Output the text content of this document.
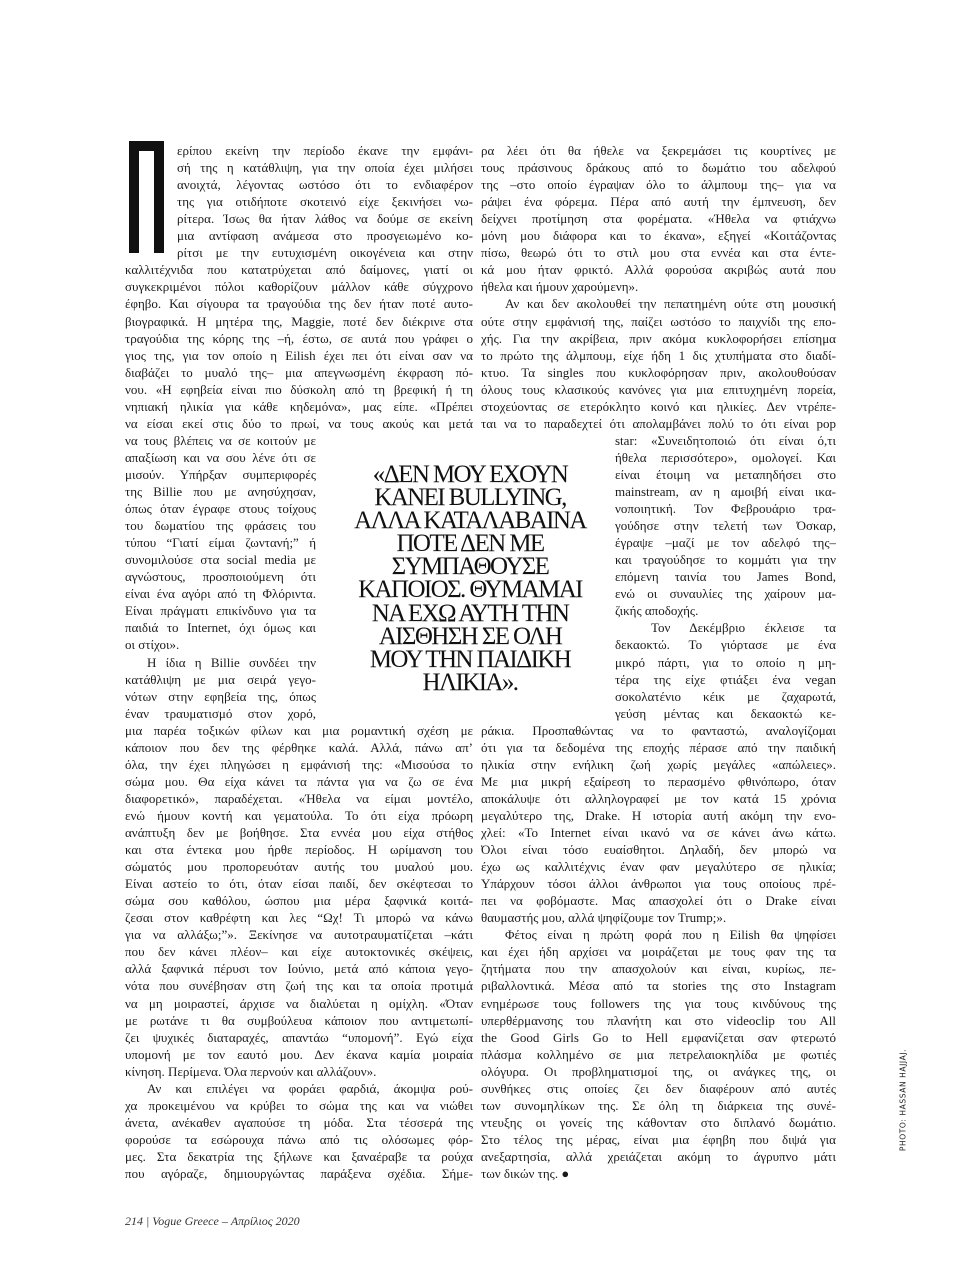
ερίπου εκείνη την περίοδο έκανε την εμφάνι-
σή της η κατάθλιψη, για την οποία έχει μιλήσει
ανοιχτά, λέγοντας ωστόσο ότι το ενδιαφέρον
της για οτιδήποτε σκοτεινό είχε ξεκινήσει νω-
ρίτερα. Ίσως θα ήταν λάθος να δούμε σε εκείνη
μια αντίφαση ανάμεσα στο προσγειωμένο κο-
ρίτσι με την ευτυχισμένη οικογένεια και στην
καλλιτέχνιδα που κατατρύχεται από δαίμονες, γιατί οι
συγκεκριμένοι πόλοι καθορίζουν μάλλον κάθε σύγχρονο
έφηβο. Και σίγουρα τα τραγούδια της δεν ήταν ποτέ αυτο-
βιογραφικά. Η μητέρα της, Maggie, ποτέ δεν διέκρινε στα
τραγούδια της κόρης της –ή, έστω, σε αυτά που γράφει ο
γιος της, για τον οποίο η Eilish έχει πει ότι είναι σαν να
διαβάζει το μυαλό της– μια απεγνωσμένη έκφραση πό-
νου. «Η εφηβεία είναι πιο δύσκολη από τη βρεφική ή τη
νηπιακή ηλικία για κάθε κηδεμόνα», μας είπε. «Πρέπει
να είσαι εκεί στις δύο το πρωί, να τους ακούς και μετά
να τους βλέπεις να σε κοιτούν με
απαξίωση και να σου λένε ότι σε
μισούν. Υπήρξαν συμπεριφορές
της Billie που με ανησύχησαν,
όπως όταν έγραφε στους τοίχους
του δωματίου της φράσεις του
τύπου “Γιατί είμαι ζωντανή;” ή
συνομιλούσε στα social media με
αγνώστους, προσποιούμενη ότι
είναι ένα αγόρι από τη Φλόριντα.
Είναι πράγματι επικίνδυνο για τα
παιδιά το Internet, όχι όμως και
οι στίχοι».
Η ίδια η Billie συνδέει την
κατάθλιψη με μια σειρά γεγο-
νότων στην εφηβεία της, όπως
έναν τραυματισμό στον χορό,
μια παρέα τοξικών φίλων και μια ρομαντική σχέση με
κάποιον που δεν της φέρθηκε καλά. Αλλά, πάνω απ’
όλα, την έχει πληγώσει η εμφάνισή της: «Μισούσα το
σώμα μου. Θα είχα κάνει τα πάντα για να ζω σε ένα
διαφορετικό», παραδέχεται. «Ήθελα να είμαι μοντέλο,
ενώ ήμουν κοντή και γεματούλα. Το ότι είχα πρόωρη
ανάπτυξη δεν με βοήθησε. Στα εννέα μου είχα στήθος
και στα έντεκα μου ήρθε περίοδος. Η ωρίμανση του
σώματός μου προπορευόταν αυτής του μυαλού μου.
Είναι αστείο το ότι, όταν είσαι παιδί, δεν σκέφτεσαι το
σώμα σου καθόλου, ώσπου μια μέρα ξαφνικά κοιτά-
ζεσαι στον καθρέφτη και λες “Ωχ! Τι μπορώ να κάνω
για να αλλάξω;”». Ξεκίνησε να αυτοτραυματίζεται –κάτι
που δεν κάνει πλέον– και είχε αυτοκτονικές σκέψεις,
αλλά ξαφνικά πέρυσι τον Ιούνιο, μετά από κάποια γεγο-
νότα που συνέβησαν στη ζωή της και τα οποία προτιμά
να μη μοιραστεί, άρχισε να διαλύεται η ομίχλη. «Όταν
με ρωτάνε τι θα συμβούλευα κάποιον που αντιμετωπί-
ζει ψυχικές διαταραχές, απαντάω “υπομονή”. Εγώ είχα
υπομονή με τον εαυτό μου. Δεν έκανα καμία μοιραία
κίνηση. Περίμενα. Όλα περνούν και αλλάζουν».
Αν και επιλέγει να φοράει φαρδιά, άκομψα ρού-
χα προκειμένου να κρύβει το σώμα της και να νιώθει
άνετα, ανέκαθεν αγαπούσε τη μόδα. Στα τέσσερά της
φορούσε τα εσώρουχα πάνω από τις ολόσωμες φόρ-
μες. Στα δεκατρία της ξήλωνε και ξαναέραβε τα ρούχα
που αγόραζε, δημιουργώντας παράξενα σχέδια. Σήμε-
ρα λέει ότι θα ήθελε να ξεκρεμάσει τις κουρτίνες με
τους πράσινους δράκους από το δωμάτιο του αδελφού
της –στο οποίο έγραψαν όλο το άλμπουμ της– για να
ράψει ένα φόρεμα. Πέρα από αυτή την έμπνευση, δεν
δείχνει προτίμηση στα φορέματα. «Ήθελα να φτιάχνω
μόνη μου διάφορα και το έκανα», εξηγεί «Κοιτάζοντας
πίσω, θεωρώ ότι το στιλ μου στα εννέα και στα έντε-
κά μου ήταν φρικτό. Αλλά φορούσα ακριβώς αυτά που
ήθελα και ήμουν χαρούμενη».
Αν και δεν ακολουθεί την πεπατημένη ούτε στη μουσική
ούτε στην εμφάνισή της, παίζει ωστόσο το παιχνίδι της επο-
χής. Για την ακρίβεια, πριν ακόμα κυκλοφορήσει επίσημα
το πρώτο της άλμπουμ, είχε ήδη 1 δις χτυπήματα στο διαδί-
κτυο. Τα singles που κυκλοφόρησαν πριν, ακολουθούσαν
όλους τους κλασικούς κανόνες για μια επιτυχημένη πορεία,
στοχεύοντας σε ετερόκλητο κοινό και ηλικίες. Δεν ντρέπε-
ται να το παραδεχτεί ότι απολαμβάνει πολύ το ότι είναι pop
star: «Συνειδητοποιώ ότι είναι ό,τι
ήθελα περισσότερο», ομολογεί. Και
είναι έτοιμη να μεταπηδήσει στο
mainstream, αν η αμοιβή είναι ικα-
νοποιητική. Τον Φεβρουάριο τρα-
γούδησε στην τελετή των Όσκαρ,
έγραψε –μαζί με τον αδελφό της–
και τραγούδησε το κομμάτι για την
επόμενη ταινία του James Bond,
ενώ οι συναυλίες της χαίρουν μα-
ζικής αποδοχής.
Τον Δεκέμβριο έκλεισε τα
δεκαοκτώ. Το γιόρτασε με ένα
μικρό πάρτι, για το οποίο η μη-
τέρα της είχε φτιάξει ένα vegan
σοκολατένιο κέικ με ζαχαρωτά,
γεύση μέντας και δεκαοκτώ κε-
ράκια. Προσπαθώντας να το φανταστώ, αναλογίζομαι
ότι για τα δεδομένα της εποχής πέρασε από την παιδική
ηλικία στην ενήλικη ζωή χωρίς μεγάλες «απώλειες».
Με μια μικρή εξαίρεση το περασμένο φθινόπωρο, όταν
αποκάλυψε ότι αλληλογραφεί με τον κατά 15 χρόνια
μεγαλύτερο της, Drake. Η ιστορία αυτή ακόμη την ενο-
χλεί: «Το Internet είναι ικανό να σε κάνει άνω κάτω.
Όλοι είναι τόσο ευαίσθητοι. Δηλαδή, δεν μπορώ να
έχω ως καλλιτέχνις έναν φαν μεγαλύτερο σε ηλικία;
Υπάρχουν τόσοι άλλοι άνθρωποι για τους οποίους πρέ-
πει να φοβόμαστε. Μας απασχολεί ότι ο Drake είναι
θαυμαστής μου, αλλά ψηφίζουμε τον Trump;».
Φέτος είναι η πρώτη φορά που η Eilish θα ψηφίσει
και έχει ήδη αρχίσει να μοιράζεται με τους φαν της τα
ζητήματα που την απασχολούν και είναι, κυρίως, πε-
ριβαλλοντικά. Μέσα από τα stories της στο Instagram
ενημέρωσε τους followers της για τους κινδύνους της
υπερθέρμανσης του πλανήτη και στο videoclip του All
the Good Girls Go to Hell εμφανίζεται σαν φτερωτό
πλάσμα κολλημένο σε μια πετρελαιοκηλίδα με φωτιές
ολόγυρα. Οι προβληματισμοί της, οι ανάγκες της, οι
συνθήκες στις οποίες ζει δεν διαφέρουν από αυτές
των συνομηλίκων της. Σε όλη τη διάρκεια της συνέ-
ντευξης οι γονείς της κάθονταν στο διπλανό δωμάτιο.
Στο τέλος της μέρας, είναι μια έφηβη που διψά για
ανεξαρτησία, αλλά χρειάζεται ακόμη το άγρυπνο μάτι
των δικών της. ●
«ΔΕΝ ΜΟΥ ΕΧΟΥΝ
ΚΑΝΕΙ BULLYING,
ΑΛΛΑ ΚΑΤΑΛΑΒΑΙΝΑ
ΠΟΤΕ ΔΕΝ ΜΕ
ΣΥΜΠΑΘΟΥΣΕ
ΚΑΠΟΙΟΣ. ΘΥΜΑΜΑΙ
ΝΑ ΕΧΩ ΑΥΤΗ ΤΗΝ
ΑΙΣΘΗΣΗ ΣΕ ΟΛΗ
ΜΟΥ ΤΗΝ ΠΑΙΔΙΚΗ
ΗΛΙΚΙΑ».
214 | Vogue Greece – Απρίλιος 2020
PHOTO: HASSAN HAJJAJ.
